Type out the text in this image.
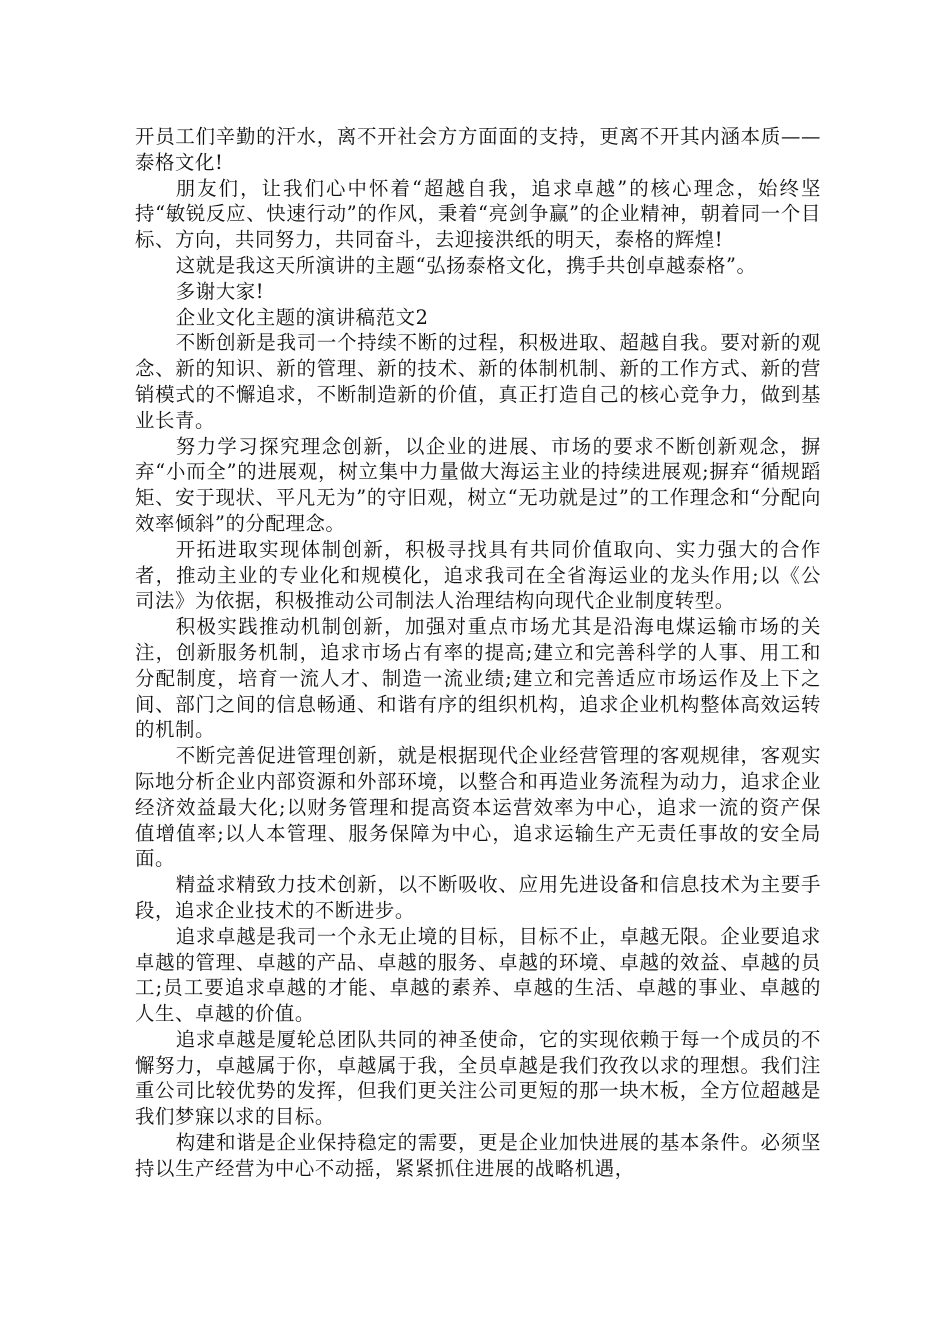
开员工们辛勤的汗水，离不开社会方方面面的支持，更离不开其内涵本质——泰格文化!

朋友们，让我们心中怀着“超越自我，追求卓越”的核心理念，始终坚持“敏锐反应、快速行动”的作风，秉着“亮剑争赢”的企业精神，朝着同一个目标、方向，共同努力，共同奋斗，去迎接洪纸的明天，泰格的辉煌!

这就是我这天所演讲的主题“弘扬泰格文化，携手共创卓越泰格”。

多谢大家!

企业文化主题的演讲稿范文2

不断创新是我司一个持续不断的过程，积极进取、超越自我。要对新的观念、新的知识、新的管理、新的技术、新的体制机制、新的工作方式、新的营销模式的不懈追求，不断制造新的价值，真正打造自己的核心竞争力，做到基业长青。

努力学习探究理念创新，以企业的进展、市场的要求不断创新观念，摒弃“小而全”的进展观，树立集中力量做大海运主业的持续进展观;摒弃“循规蹈矩、安于现状、平凡无为”的守旧观，树立“无功就是过”的工作理念和“分配向效率倾斜”的分配理念。

开拓进取实现体制创新，积极寻找具有共同价值取向、实力强大的合作者，推动主业的专业化和规模化，追求我司在全省海运业的龙头作用;以《公司法》为依据，积极推动公司制法人治理结构向现代企业制度转型。

积极实践推动机制创新，加强对重点市场尤其是沿海电煤运输市场的关注，创新服务机制，追求市场占有率的提高;建立和完善科学的人事、用工和分配制度，培育一流人才、制造一流业绩;建立和完善适应市场运作及上下之间、部门之间的信息畅通、和谐有序的组织机构，追求企业机构整体高效运转的机制。

不断完善促进管理创新，就是根据现代企业经营管理的客观规律，客观实际地分析企业内部资源和外部环境，以整合和再造业务流程为动力，追求企业经济效益最大化;以财务管理和提高资本运营效率为中心，追求一流的资产保值增值率;以人本管理、服务保障为中心，追求运输生产无责任事故的安全局面。

精益求精致力技术创新，以不断吸收、应用先进设备和信息技术为主要手段，追求企业技术的不断进步。

追求卓越是我司一个永无止境的目标，目标不止，卓越无限。企业要追求卓越的管理、卓越的产品、卓越的服务、卓越的环境、卓越的效益、卓越的员工;员工要追求卓越的才能、卓越的素养、卓越的生活、卓越的事业、卓越的人生、卓越的价值。

追求卓越是厦轮总团队共同的神圣使命，它的实现依赖于每一个成员的不懈努力，卓越属于你，卓越属于我，全员卓越是我们孜孜以求的理想。我们注重公司比较优势的发挥，但我们更关注公司更短的那一块木板，全方位超越是我们梦寐以求的目标。

构建和谐是企业保持稳定的需要，更是企业加快进展的基本条件。必须坚持以生产经营为中心不动摇，紧紧抓住进展的战略机遇，
